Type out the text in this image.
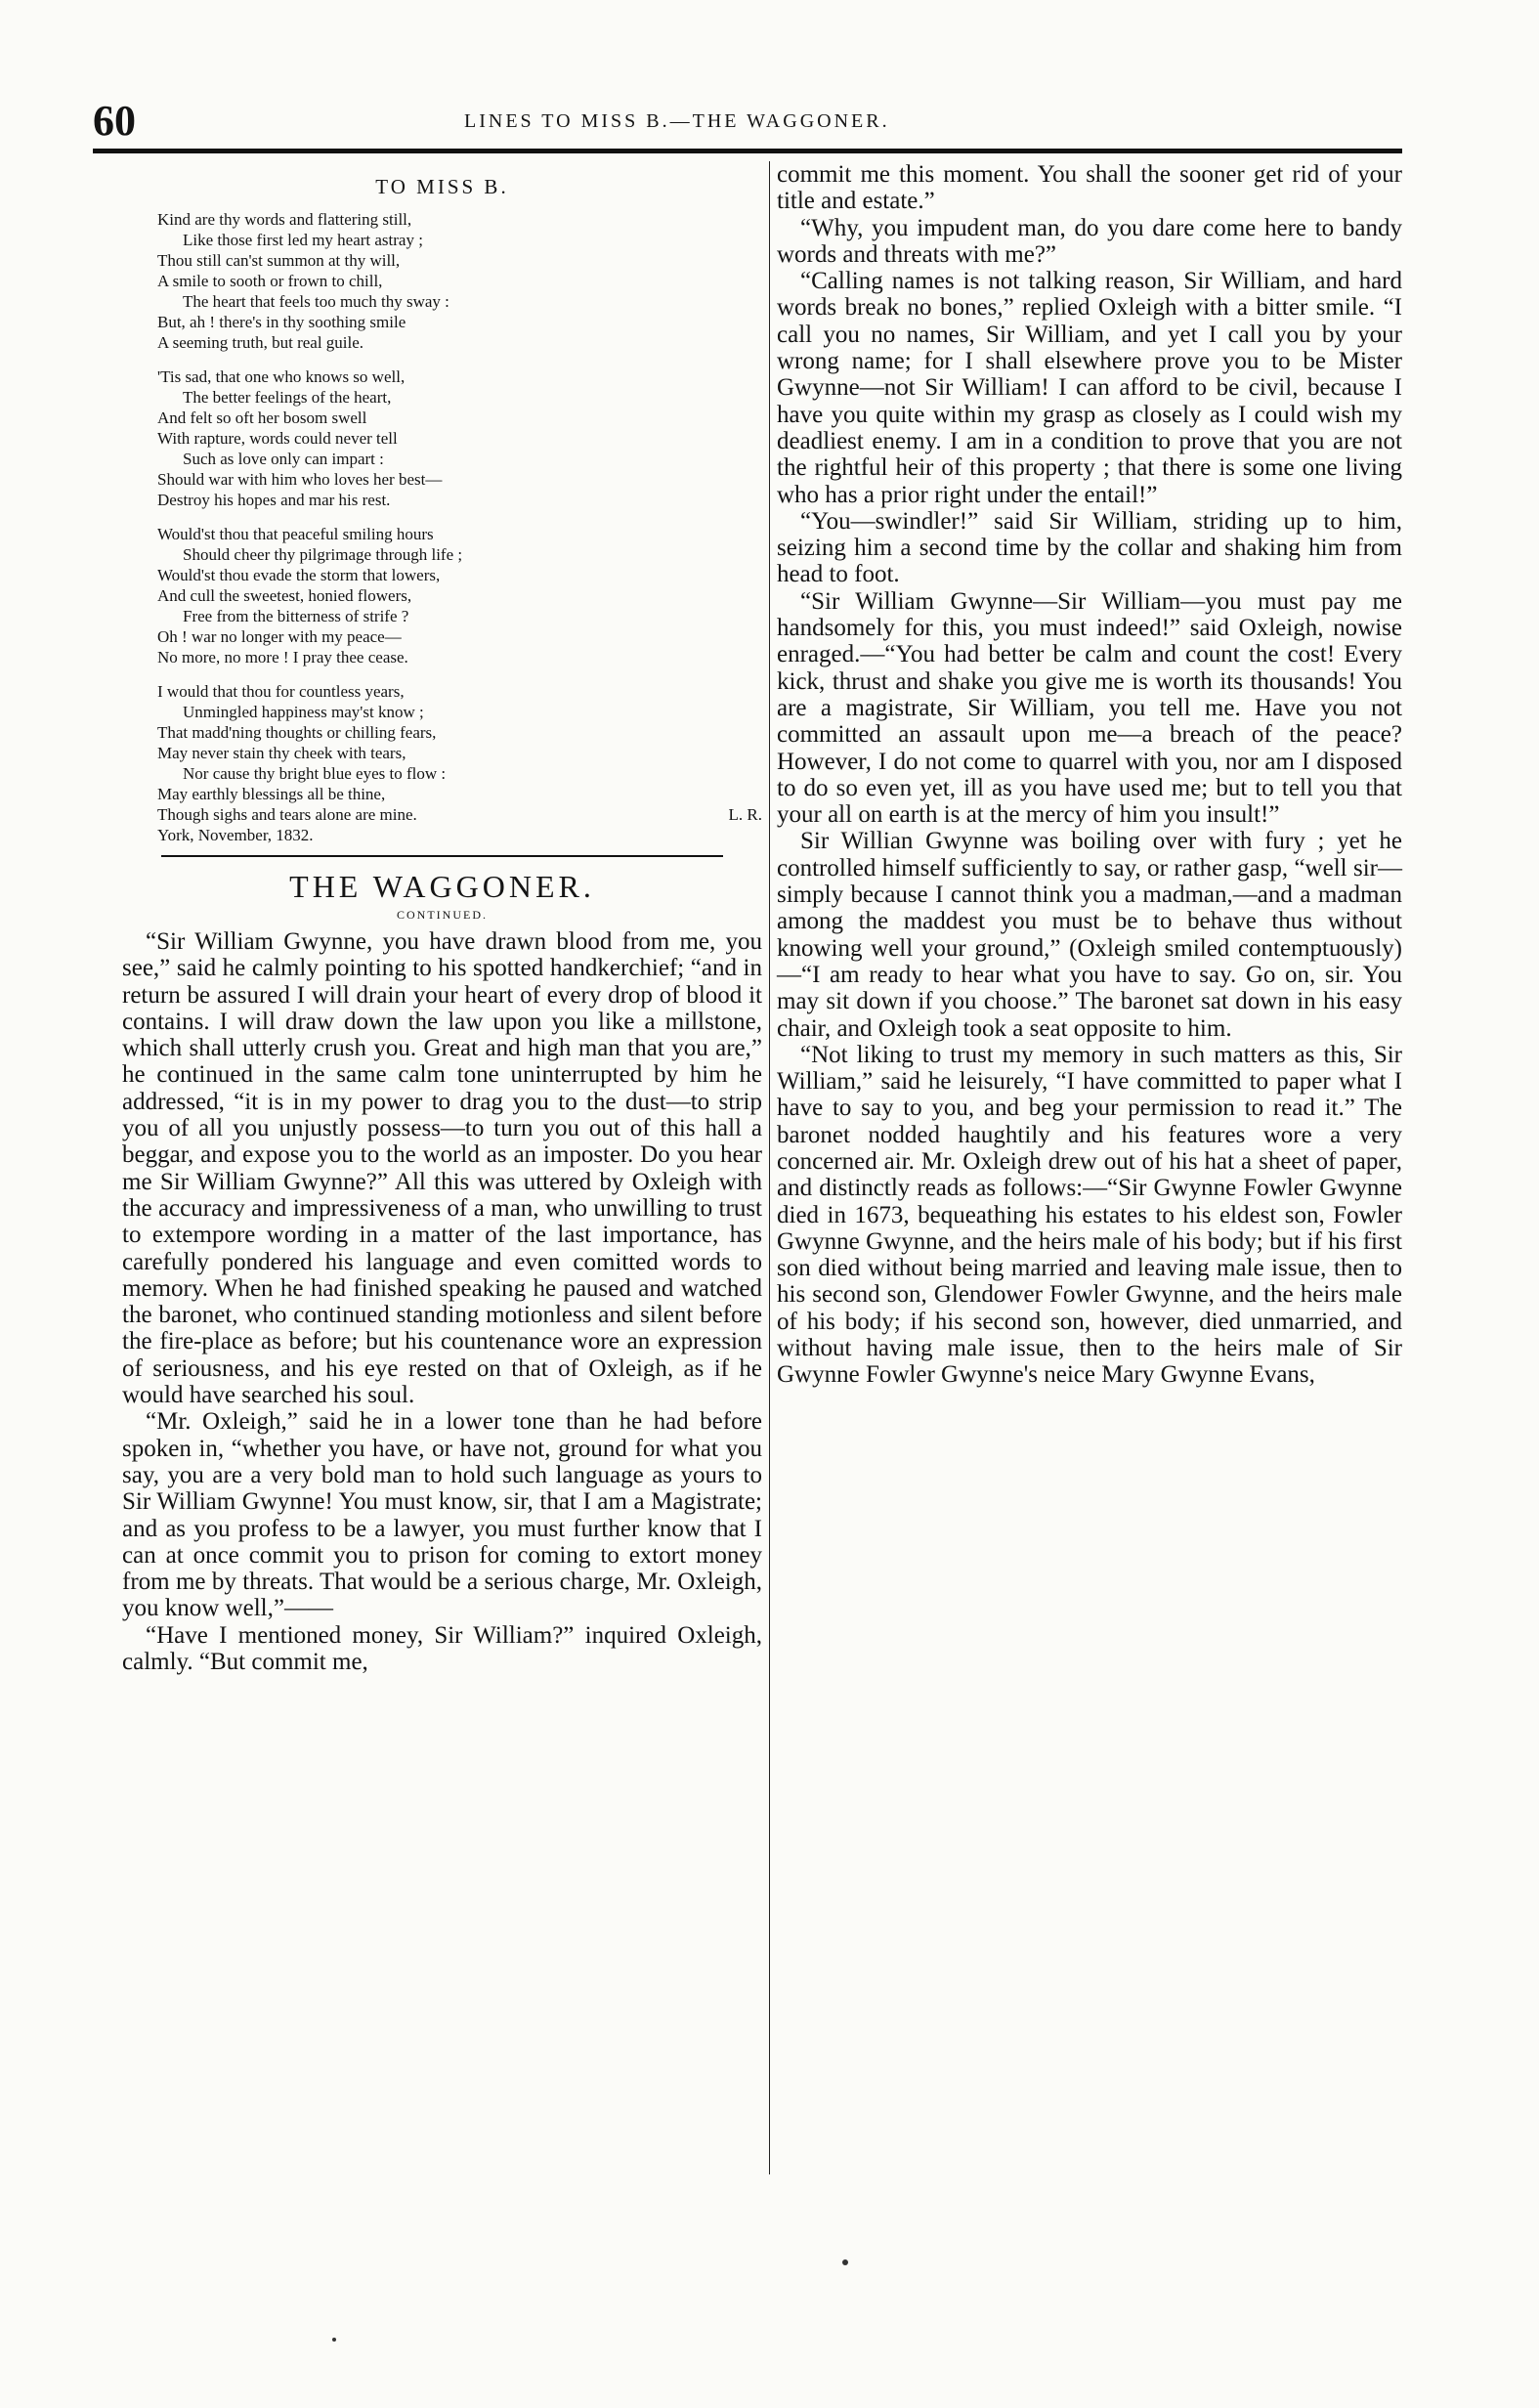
60	LINES TO MISS B.—THE WAGGONER.
TO MISS B.
Kind are thy words and flattering still,
Like those first led my heart astray ;
Thou still can'st summon at thy will,
A smile to sooth or frown to chill,
The heart that feels too much thy sway :
But, ah ! there's in thy soothing smile
A seeming truth, but real guile.
'Tis sad, that one who knows so well,
The better feelings of the heart,
And felt so oft her bosom swell
With rapture, words could never tell
Such as love only can impart :
Should war with him who loves her best—
Destroy his hopes and mar his rest.
Would'st thou that peaceful smiling hours
Should cheer thy pilgrimage through life ;
Would'st thou evade the storm that lowers,
And cull the sweetest, honied flowers,
Free from the bitterness of strife ?
Oh ! war no longer with my peace—
No more, no more ! I pray thee cease.
I would that thou for countless years,
Unmingled happiness may'st know ;
That madd'ning thoughts or chilling fears,
May never stain thy cheek with tears,
Nor cause thy bright blue eyes to flow :
May earthly blessings all be thine,
Though sighs and tears alone are mine.	L. R.
York, November, 1832.
THE WAGGONER.
CONTINUED.

“Sir William Gwynne, you have drawn blood from me, you see,” said he calmly pointing to his spotted handkerchief; “and in return be assured I will drain your heart of every drop of blood it contains. I will draw down the law upon you like a millstone, which shall utterly crush you. Great and high man that you are,” he continued in the same calm tone uninterrupted by him he addressed, “it is in my power to drag you to the dust—to strip you of all you unjustly possess—to turn you out of this hall a beggar, and expose you to the world as an imposter. Do you hear me Sir William Gwynne?” All this was uttered by Oxleigh with the accuracy and impressiveness of a man, who unwilling to trust to extempore wording in a matter of the last importance, has carefully pondered his language and even comitted words to memory. When he had finished speaking he paused and watched the baronet, who continued standing motionless and silent before the fire-place as before; but his countenance wore an expression of seriousness, and his eye rested on that of Oxleigh, as if he would have searched his soul.

“Mr. Oxleigh,” said he in a lower tone than he had before spoken in, “whether you have, or have not, ground for what you say, you are a very bold man to hold such language as yours to Sir William Gwynne! You must know, sir, that I am a Magistrate; and as you profess to be a lawyer, you must further know that I can at once commit you to prison for coming to extort money from me by threats. That would be a serious charge, Mr. Oxleigh, you know well,”——

“Have I mentioned money, Sir William?” inquired Oxleigh, calmly. “But commit me,

commit me this moment. You shall the sooner get rid of your title and estate.”

“Why, you impudent man, do you dare come here to bandy words and threats with me?”

“Calling names is not talking reason, Sir William, and hard words break no bones,” replied Oxleigh with a bitter smile. “I call you no names, Sir William, and yet I call you by your wrong name; for I shall elsewhere prove you to be Mister Gwynne—not Sir William! I can afford to be civil, because I have you quite within my grasp as closely as I could wish my deadliest enemy. I am in a condition to prove that you are not the rightful heir of this property ; that there is some one living who has a prior right under the entail!”

“You—swindler!” said Sir William, striding up to him, seizing him a second time by the collar and shaking him from head to foot.

“Sir William Gwynne—Sir William—you must pay me handsomely for this, you must indeed!” said Oxleigh, nowise enraged.—“You had better be calm and count the cost! Every kick, thrust and shake you give me is worth its thousands! You are a magistrate, Sir William, you tell me. Have you not committed an assault upon me—a breach of the peace? However, I do not come to quarrel with you, nor am I disposed to do so even yet, ill as you have used me; but to tell you that your all on earth is at the mercy of him you insult!”

Sir Willian Gwynne was boiling over with fury ; yet he controlled himself sufficiently to say, or rather gasp, “well sir—simply because I cannot think you a madman,—and a madman among the maddest you must be to behave thus without knowing well your ground,” (Oxleigh smiled contemptuously)—“I am ready to hear what you have to say. Go on, sir. You may sit down if you choose.” The baronet sat down in his easy chair, and Oxleigh took a seat opposite to him.

“Not liking to trust my memory in such matters as this, Sir William,” said he leisurely, “I have committed to paper what I have to say to you, and beg your permission to read it.” The baronet nodded haughtily and his features wore a very concerned air. Mr. Oxleigh drew out of his hat a sheet of paper, and distinctly reads as follows:—“Sir Gwynne Fowler Gwynne died in 1673, bequeathing his estates to his eldest son, Fowler Gwynne Gwynne, and the heirs male of his body; but if his first son died without being married and leaving male issue, then to his second son, Glendower Fowler Gwynne, and the heirs male of his body; if his second son, however, died unmarried, and without having male issue, then to the heirs male of Sir Gwynne Fowler Gwynne's neice Mary Gwynne Evans,
